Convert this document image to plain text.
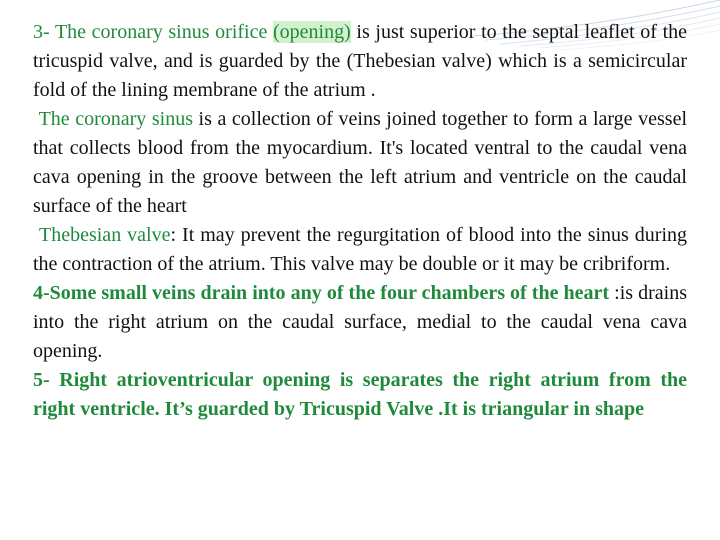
3- The coronary sinus orifice (opening) is just superior to the septal leaflet of the tricuspid valve, and is guarded by the (Thebesian valve) which is a semicircular fold of the lining membrane of the atrium .

The coronary sinus is a collection of veins joined together to form a large vessel that collects blood from the myocardium. It's located ventral to the caudal vena cava opening in the groove between the left atrium and ventricle on the caudal surface of the heart

Thebesian valve: It may prevent the regurgitation of blood into the sinus during the contraction of the atrium. This valve may be double or it may be cribriform.

4-Some small veins drain into any of the four chambers of the heart :is drains into the right atrium on the caudal surface, medial to the caudal vena cava opening.

5- Right atrioventricular opening is separates the right atrium from the right ventricle. It’s guarded by Tricuspid Valve .It is triangular in shape
